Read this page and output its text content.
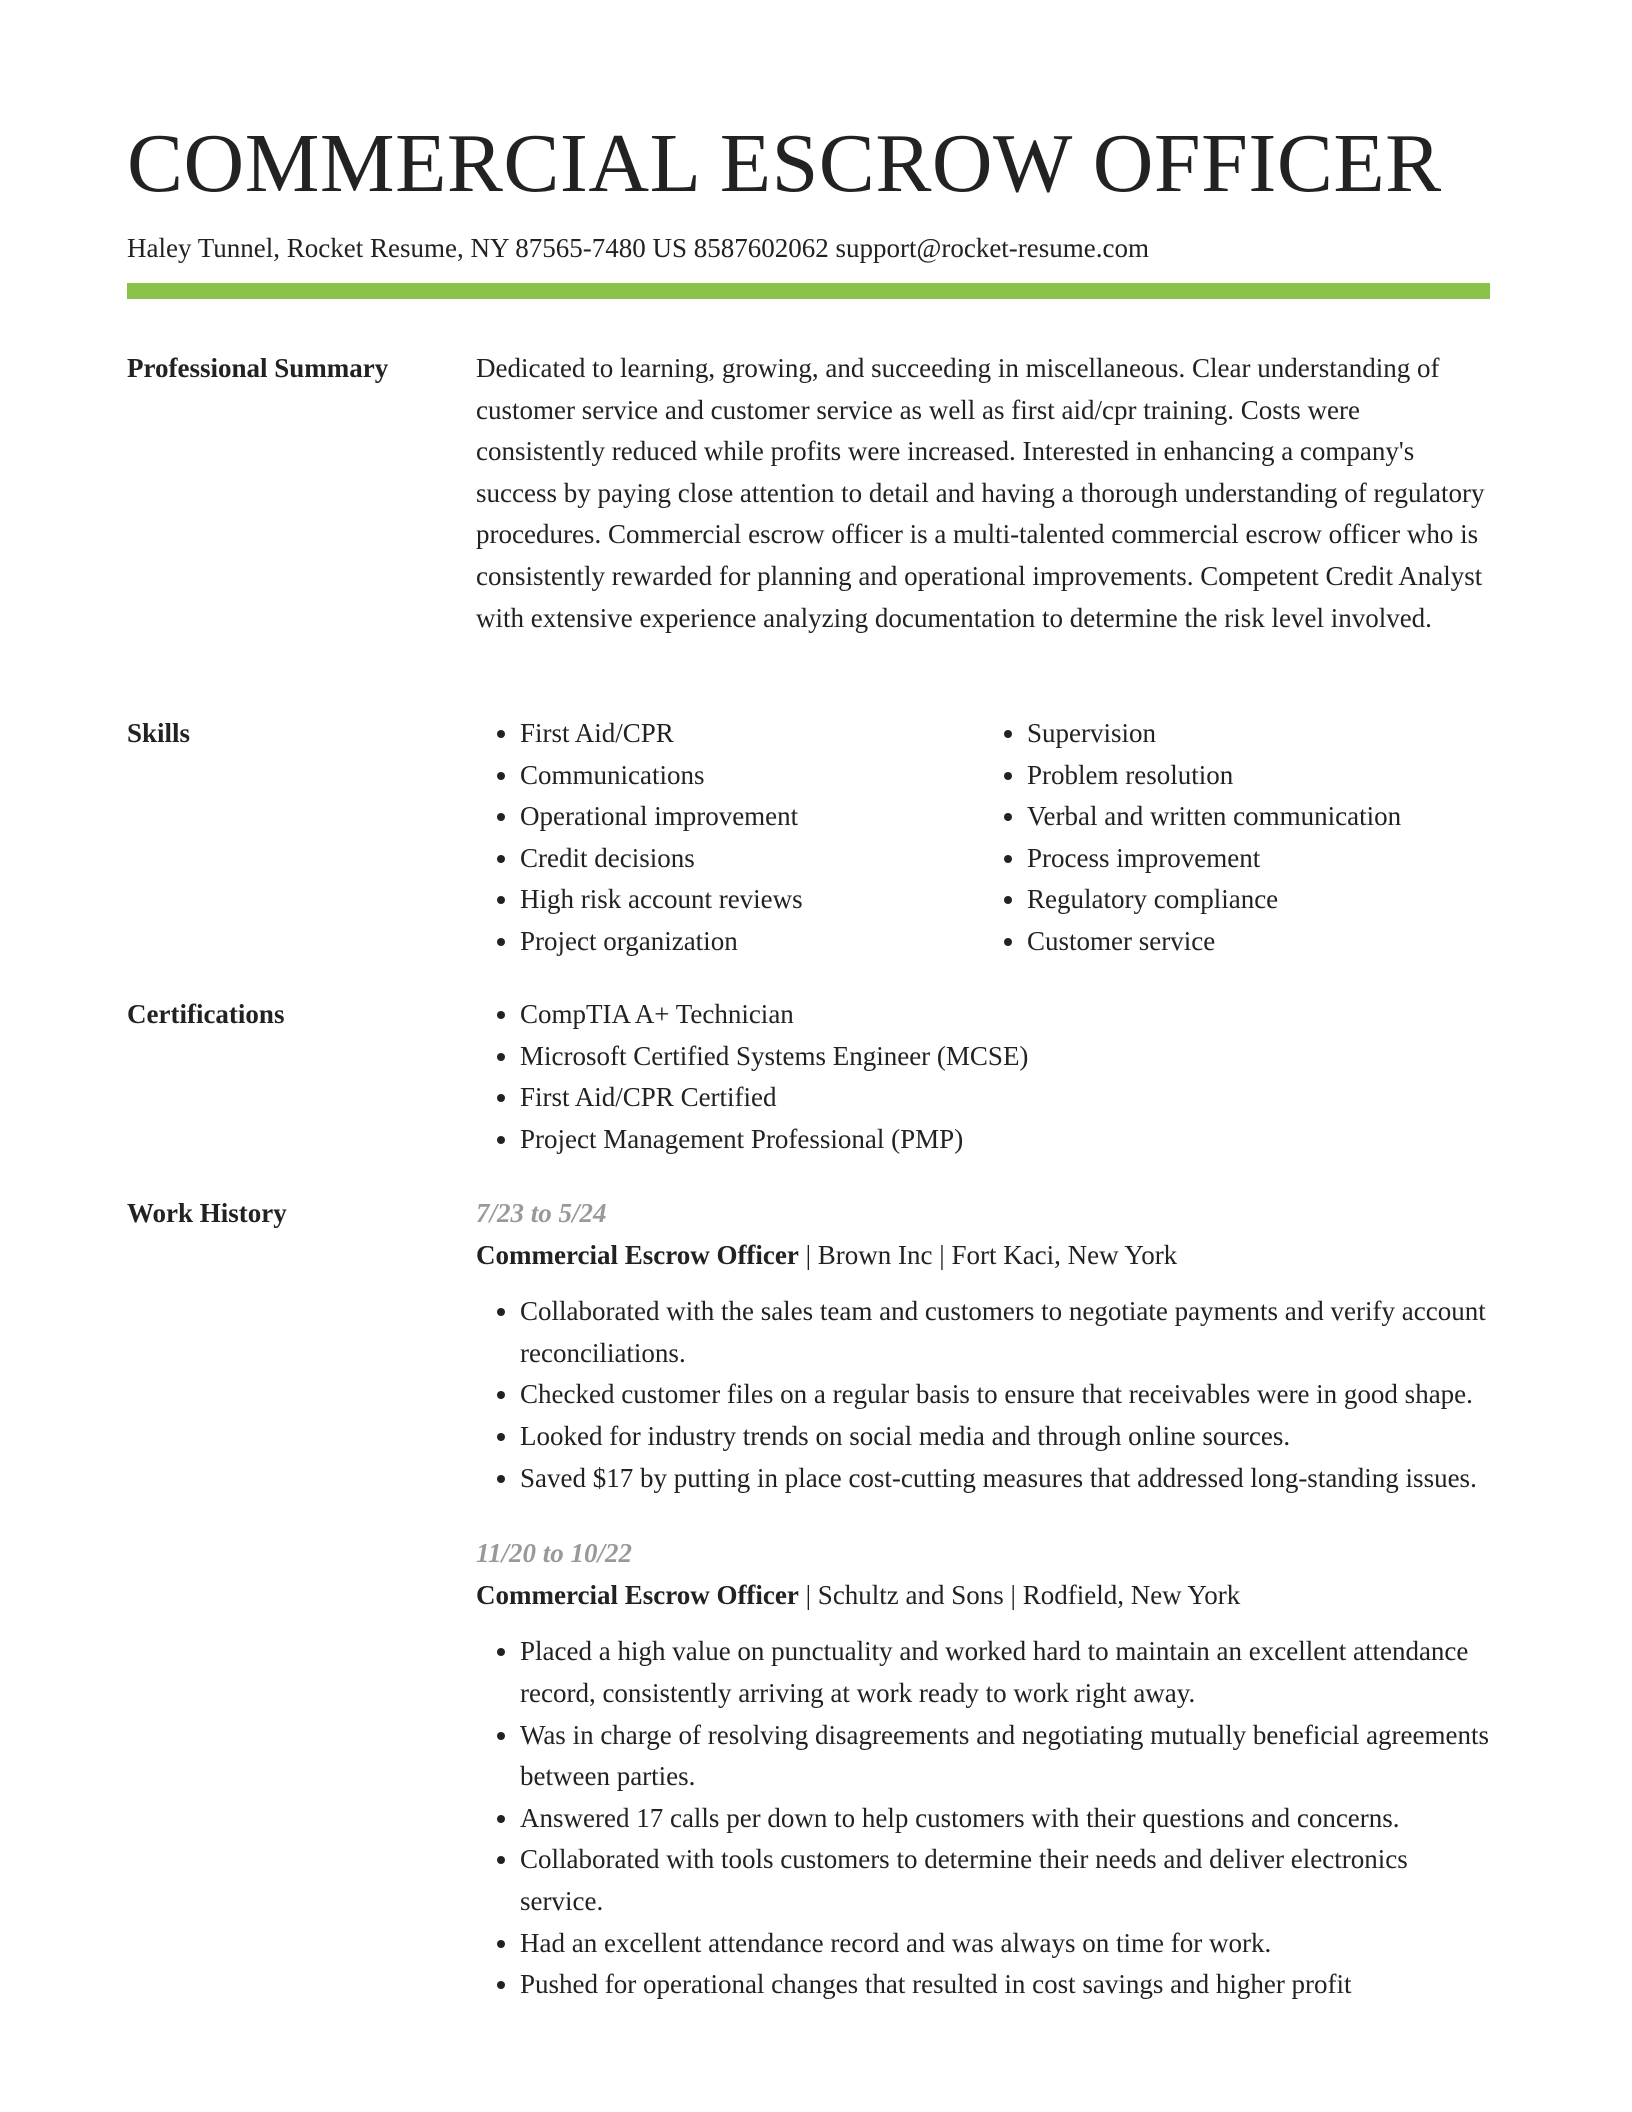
COMMERCIAL ESCROW OFFICER
Haley Tunnel, Rocket Resume, NY 87565-7480 US 8587602062 support@rocket-resume.com
Professional Summary	Dedicated to learning, growing, and succeeding in miscellaneous. Clear understanding of customer service and customer service as well as first aid/cpr training. Costs were consistently reduced while profits were increased. Interested in enhancing a company's success by paying close attention to detail and having a thorough understanding of regulatory procedures. Commercial escrow officer is a multi-talented commercial escrow officer who is consistently rewarded for planning and operational improvements. Competent Credit Analyst with extensive experience analyzing documentation to determine the risk level involved.

Skills	• First Aid/CPR
• Communications
• Operational improvement
• Credit decisions
• High risk account reviews
• Project organization
• Supervision
• Problem resolution
• Verbal and written communication
• Process improvement
• Regulatory compliance
• Customer service
Certifications	• CompTIA A+ Technician
• Microsoft Certified Systems Engineer (MCSE)
• First Aid/CPR Certified
• Project Management Professional (PMP)
Work History	7/23 to 5/24
Commercial Escrow Officer | Brown Inc | Fort Kaci, New York
• Collaborated with the sales team and customers to negotiate payments and verify account reconciliations.
• Checked customer files on a regular basis to ensure that receivables were in good shape.
• Looked for industry trends on social media and through online sources.
• Saved $17 by putting in place cost-cutting measures that addressed long-standing issues.
11/20 to 10/22
Commercial Escrow Officer | Schultz and Sons | Rodfield, New York
• Placed a high value on punctuality and worked hard to maintain an excellent attendance record, consistently arriving at work ready to work right away.
• Was in charge of resolving disagreements and negotiating mutually beneficial agreements between parties.
• Answered 17 calls per down to help customers with their questions and concerns.
• Collaborated with tools customers to determine their needs and deliver electronics service.
• Had an excellent attendance record and was always on time for work.
• Pushed for operational changes that resulted in cost savings and higher profit
